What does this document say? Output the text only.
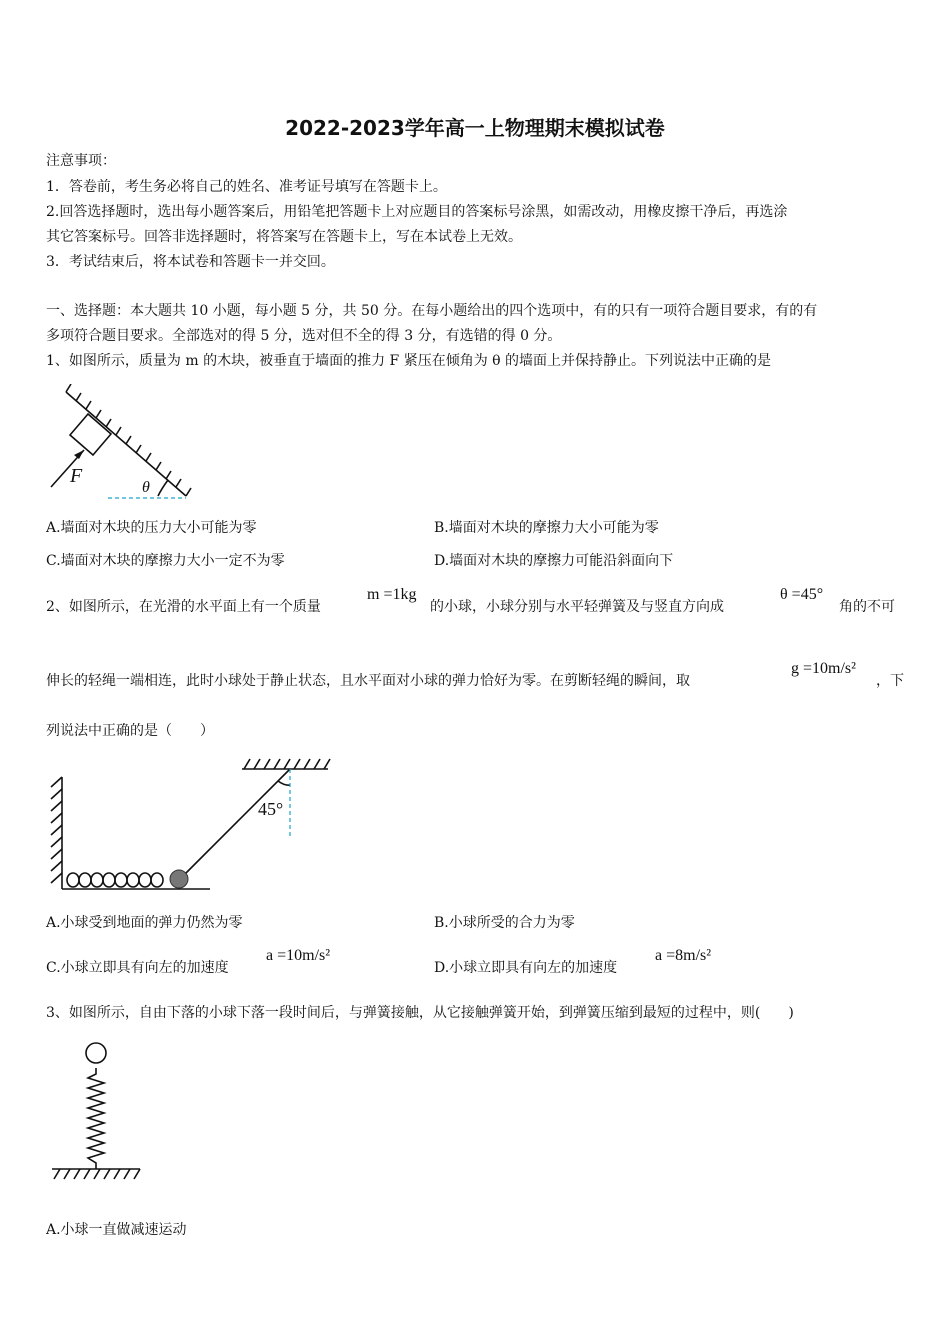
2022-2023学年高一上物理期末模拟试卷
注意事项：
1．答卷前，考生务必将自己的姓名、准考证号填写在答题卡上。
2.回答选择题时，选出每小题答案后，用铅笔把答题卡上对应题目的答案标号涂黑，如需改动，用橡皮擦干净后，再选涂
其它答案标号。回答非选择题时，将答案写在答题卡上，写在本试卷上无效。
3．考试结束后，将本试卷和答题卡一并交回。
一、选择题：本大题共 10 小题，每小题 5 分，共 50 分。在每小题给出的四个选项中，有的只有一项符合题目要求，有的有
多项符合题目要求。全部选对的得 5 分，选对但不全的得 3 分，有选错的得 0 分。
1、如图所示，质量为 m 的木块，被垂直于墙面的推力 F 紧压在倾角为 θ 的墙面上并保持静止。下列说法中正确的是
F
θ
A.墙面对木块的压力大小可能为零	B.墙面对木块的摩擦力大小可能为零
C.墙面对木块的摩擦力大小一定不为零	D.墙面对木块的摩擦力可能沿斜面向下
2、如图所示，在光滑的水平面上有一个质量
m =1kg
的小球，小球分别与水平轻弹簧及与竖直方向成
θ =45°
角的不可
伸长的轻绳一端相连，此时小球处于静止状态，且水平面对小球的弹力恰好为零。在剪断轻绳的瞬间，取
g =10m/s²
，下
列说法中正确的是（　　）
45°
A.小球受到地面的弹力仍然为零	B.小球所受的合力为零
C.小球立即具有向左的加速度
a =10m/s²
D.小球立即具有向左的加速度
a =8m/s²
3、如图所示，自由下落的小球下落一段时间后，与弹簧接触，从它接触弹簧开始，到弹簧压缩到最短的过程中，则(　　)
A.小球一直做减速运动
